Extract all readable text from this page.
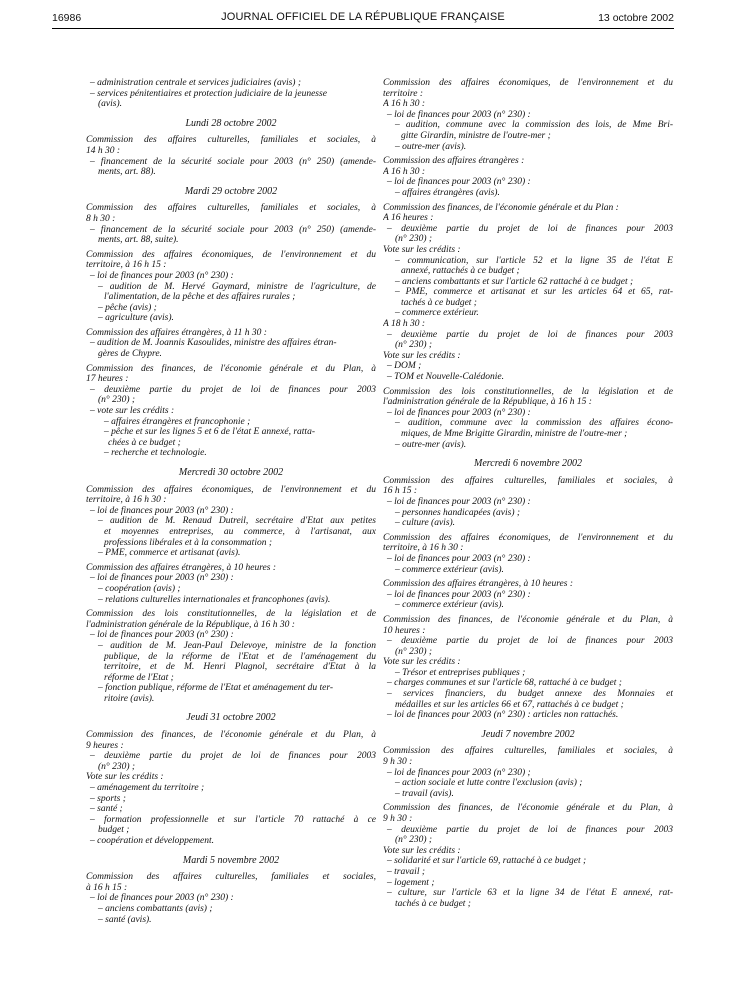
16986	JOURNAL OFFICIEL DE LA RÉPUBLIQUE FRANÇAISE	13 octobre 2002
– administration centrale et services judiciaires (avis) ;
– services pénitentiaires et protection judiciaire de la jeunesse
(avis).
Lundi 28 octobre 2002
Commission des affaires culturelles, familiales et sociales, à
14 h 30 :
– financement de la sécurité sociale pour 2003 (n° 250) (amende-
ments, art. 88).
Mardi 29 octobre 2002
Commission des affaires culturelles, familiales et sociales, à
8 h 30 :
– financement de la sécurité sociale pour 2003 (n° 250) (amende-
ments, art. 88, suite).
Commission des affaires économiques, de l'environnement et du
territoire, à 16 h 15 :
– loi de finances pour 2003 (n° 230) :
– audition de M. Hervé Gaymard, ministre de l'agriculture, de
l'alimentation, de la pêche et des affaires rurales ;
– pêche (avis) ;
– agriculture (avis).
Commission des affaires étrangères, à 11 h 30 :
– audition de M. Joannis Kasoulides, ministre des affaires étran-
gères de Chypre.
Commission des finances, de l'économie générale et du Plan, à
17 heures :
– deuxième partie du projet de loi de finances pour 2003
(n° 230) ;
– vote sur les crédits :
– affaires étrangères et francophonie ;
– pêche et sur les lignes 5 et 6 de l'état E annexé, ratta-
chées à ce budget ;
– recherche et technologie.
Mercredi 30 octobre 2002
Commission des affaires économiques, de l'environnement et du
territoire, à 16 h 30 :
– loi de finances pour 2003 (n° 230) :
– audition de M. Renaud Dutreil, secrétaire d'Etat aux petites
et moyennes entreprises, au commerce, à l'artisanat, aux
professions libérales et à la consommation ;
– PME, commerce et artisanat (avis).
Commission des affaires étrangères, à 10 heures :
– loi de finances pour 2003 (n° 230) :
– coopération (avis) ;
– relations culturelles internationales et francophones (avis).
Commission des lois constitutionnelles, de la législation et de
l'administration générale de la République, à 16 h 30 :
– loi de finances pour 2003 (n° 230) :
– audition de M. Jean-Paul Delevoye, ministre de la fonction
publique, de la réforme de l'Etat et de l'aménagement du
territoire, et de M. Henri Plagnol, secrétaire d'Etat à la
réforme de l'Etat ;
– fonction publique, réforme de l'Etat et aménagement du ter-
ritoire (avis).
Jeudi 31 octobre 2002
Commission des finances, de l'économie générale et du Plan, à
9 heures :
– deuxième partie du projet de loi de finances pour 2003
(n° 230) ;
Vote sur les crédits :
– aménagement du territoire ;
– sports ;
– santé ;
– formation professionnelle et sur l'article 70 rattaché à ce
budget ;
– coopération et développement.
Mardi 5 novembre 2002
Commission des affaires culturelles, familiales et sociales,
à 16 h 15 :
– loi de finances pour 2003 (n° 230) :
– anciens combattants (avis) ;
– santé (avis).
Commission des affaires économiques, de l'environnement et du
territoire :
A 16 h 30 :
– loi de finances pour 2003 (n° 230) :
– audition, commune avec la commission des lois, de Mme Bri-
gitte Girardin, ministre de l'outre-mer ;
– outre-mer (avis).
Commission des affaires étrangères :
A 16 h 30 :
– loi de finances pour 2003 (n° 230) :
– affaires étrangères (avis).
Commission des finances, de l'économie générale et du Plan :
A 16 heures :
– deuxième partie du projet de loi de finances pour 2003
(n° 230) ;
Vote sur les crédits :
– communication, sur l'article 52 et la ligne 35 de l'état E
annexé, rattachés à ce budget ;
– anciens combattants et sur l'article 62 rattaché à ce budget ;
– PME, commerce et artisanat et sur les articles 64 et 65, rat-
tachés à ce budget ;
– commerce extérieur.
A 18 h 30 :
– deuxième partie du projet de loi de finances pour 2003
(n° 230) ;
Vote sur les crédits :
– DOM ;
– TOM et Nouvelle-Calédonie.
Commission des lois constitutionnelles, de la législation et de
l'administration générale de la République, à 16 h 15 :
– loi de finances pour 2003 (n° 230) :
– audition, commune avec la commission des affaires écono-
miques, de Mme Brigitte Girardin, ministre de l'outre-mer ;
– outre-mer (avis).
Mercredi 6 novembre 2002
Commission des affaires culturelles, familiales et sociales, à
16 h 15 :
– loi de finances pour 2003 (n° 230) :
– personnes handicapées (avis) ;
– culture (avis).
Commission des affaires économiques, de l'environnement et du
territoire, à 16 h 30 :
– loi de finances pour 2003 (n° 230) :
– commerce extérieur (avis).
Commission des affaires étrangères, à 10 heures :
– loi de finances pour 2003 (n° 230) :
– commerce extérieur (avis).
Commission des finances, de l'économie générale et du Plan, à
10 heures :
– deuxième partie du projet de loi de finances pour 2003
(n° 230) ;
Vote sur les crédits :
– Trésor et entreprises publiques ;
– charges communes et sur l'article 68, rattaché à ce budget ;
– services financiers, du budget annexe des Monnaies et
médailles et sur les articles 66 et 67, rattachés à ce budget ;
– loi de finances pour 2003 (n° 230) : articles non rattachés.
Jeudi 7 novembre 2002
Commission des affaires culturelles, familiales et sociales, à
9 h 30 :
– loi de finances pour 2003 (n° 230) ;
– action sociale et lutte contre l'exclusion (avis) ;
– travail (avis).
Commission des finances, de l'économie générale et du Plan, à
9 h 30 :
– deuxième partie du projet de loi de finances pour 2003
(n° 230) ;
Vote sur les crédits :
– solidarité et sur l'article 69, rattaché à ce budget ;
– travail ;
– logement ;
– culture, sur l'article 63 et la ligne 34 de l'état E annexé, rat-
tachés à ce budget ;
